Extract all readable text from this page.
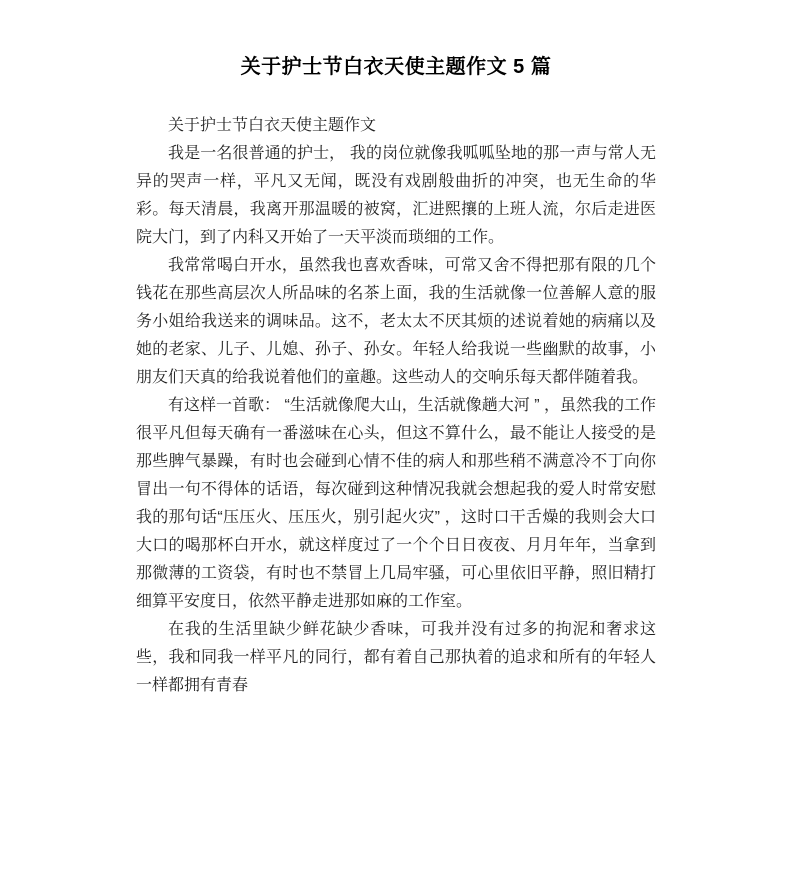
关于护士节白衣天使主题作文 5 篇

关于护士节白衣天使主题作文

我是一名很普通的护士， 我的岗位就像我呱呱坠地的那一声与常人无异的哭声一样，平凡又无闻，既没有戏剧般曲折的冲突，也无生命的华彩。每天清晨，我离开那温暖的被窝，汇进熙攘的上班人流，尔后走进医院大门，到了内科又开始了一天平淡而琐细的工作。

我常常喝白开水，虽然我也喜欢香味，可常又舍不得把那有限的几个钱花在那些高层次人所品味的名茶上面，我的生活就像一位善解人意的服务小姐给我送来的调味品。这不，老太太不厌其烦的述说着她的病痛以及她的老家、儿子、儿媳、孙子、孙女。年轻人给我说一些幽默的故事，小朋友们天真的给我说着他们的童趣。这些动人的交响乐每天都伴随着我。

有这样一首歌： “生活就像爬大山，生活就像趟大河 ” ，虽然我的工作很平凡但每天确有一番滋味在心头，但这不算什么，最不能让人接受的是那些脾气暴躁，有时也会碰到心情不佳的病人和那些稍不满意冷不丁向你冒出一句不得体的话语，每次碰到这种情况我就会想起我的爱人时常安慰我的那句话“压压火、压压火，别引起火灾” ，这时口干舌燥的我则会大口大口的喝那杯白开水，就这样度过了一个个日日夜夜、月月年年，当拿到那微薄的工资袋，有时也不禁冒上几局牢骚，可心里依旧平静，照旧精打细算平安度日，依然平静走进那如麻的工作室。

在我的生活里缺少鲜花缺少香味，可我并没有过多的拘泥和奢求这些，我和同我一样平凡的同行，都有着自己那执着的追求和所有的年轻人一样都拥有青春
